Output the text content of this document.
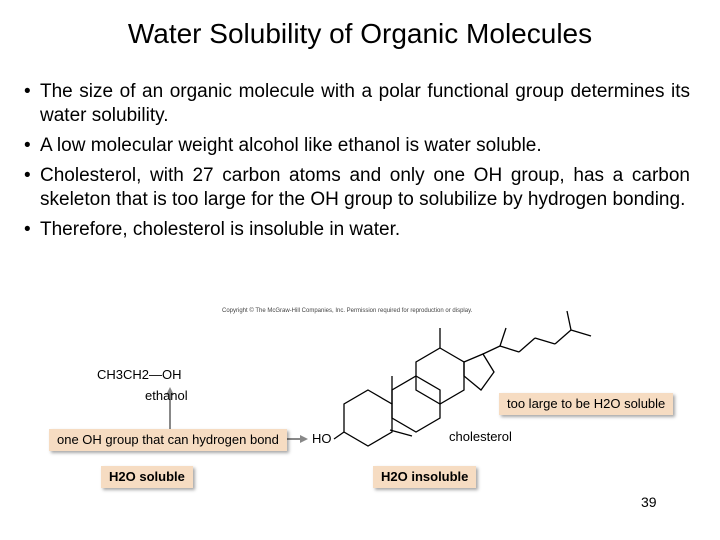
Water Solubility of Organic Molecules
• The size of an organic molecule with a polar functional group determines its water solubility.
• A low molecular weight alcohol like ethanol is water soluble.
• Cholesterol, with 27 carbon atoms and only one OH group, has a carbon skeleton that is too large for the OH group to solubilize by hydrogen bonding.
• Therefore, cholesterol is insoluble in water.
Copyright © The McGraw-Hill Companies, Inc. Permission required for reproduction or display.
CH3CH2—OH
ethanol
HO	cholesterol
one OH group that can hydrogen bond
too large to be H2O soluble
H2O soluble	H2O insoluble
39
